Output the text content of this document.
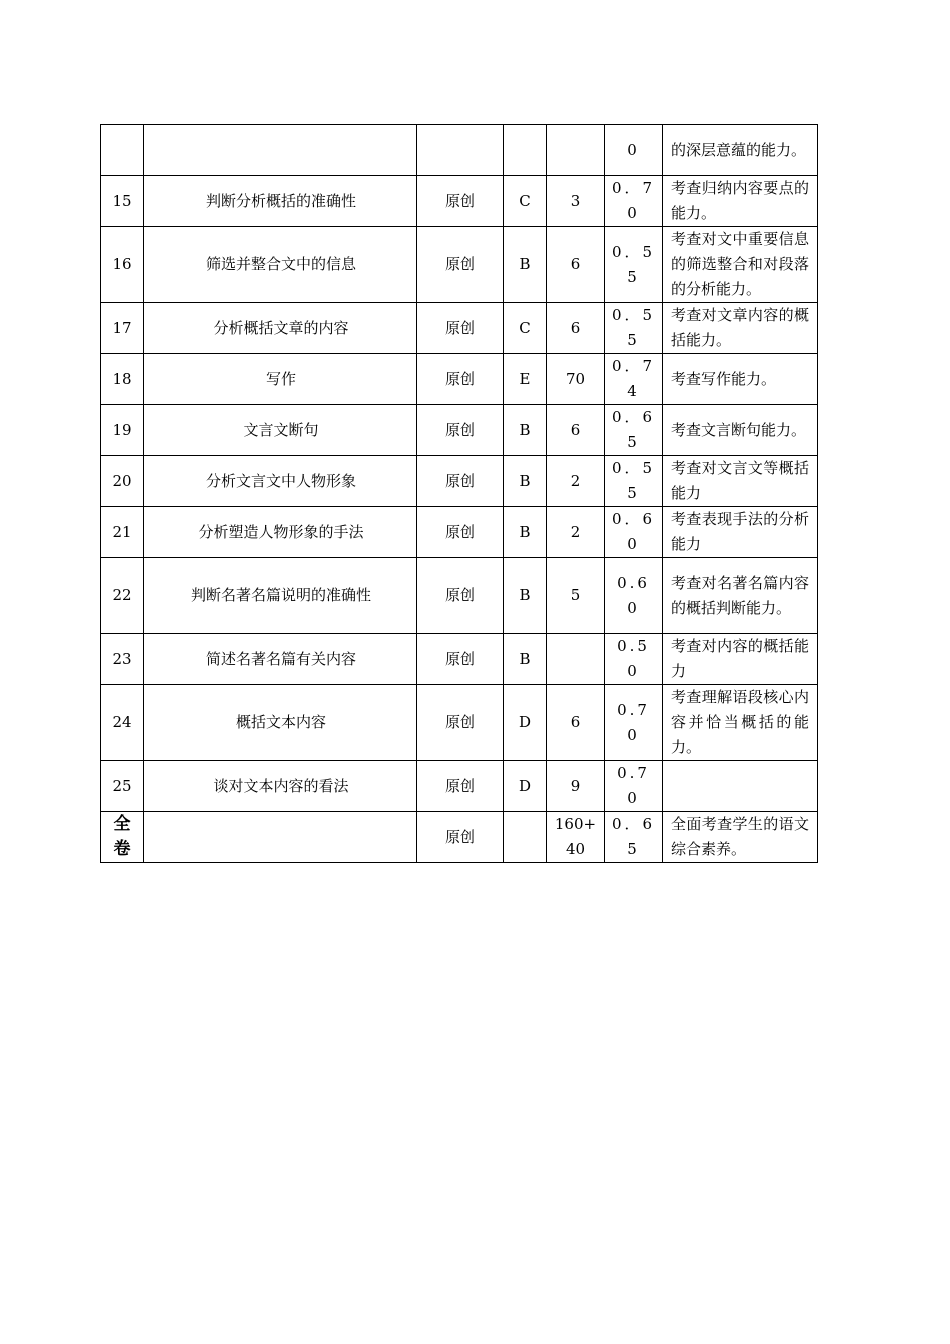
					0	的深层意蕴的能力。

15	判断分析概括的准确性	原创	C	3	0．70	考查归纳内容要点的能力。

16	筛选并整合文中的信息	原创	B	6	0．55	考查对文中重要信息的筛选整合和对段落的分析能力。

17	分析概括文章的内容	原创	C	6	0．55	考查对文章内容的概括能力。

18	写作	原创	E	70	0．74	考查写作能力。

19	文言文断句	原创	B	6	0．65	考查文言断句能力。

20	分析文言文中人物形象	原创	B	2	0．55	考查对文言文等概括能力

21	分析塑造人物形象的手法	原创	B	2	0．60	考查表现手法的分析能力

22	判断名著名篇说明的准确性	原创	B	5	0.60	考查对名著名篇内容的概括判断能力。

23	简述名著名篇有关内容	原创	B		0.50	考查对内容的概括能力

24	概括文本内容	原创	D	6	0.70	考查理解语段核心内容并恰当概括的能力。

25	谈对文本内容的看法	原创	D	9	0.70	

全卷		原创		160+40	0．65	全面考查学生的语文综合素养。
